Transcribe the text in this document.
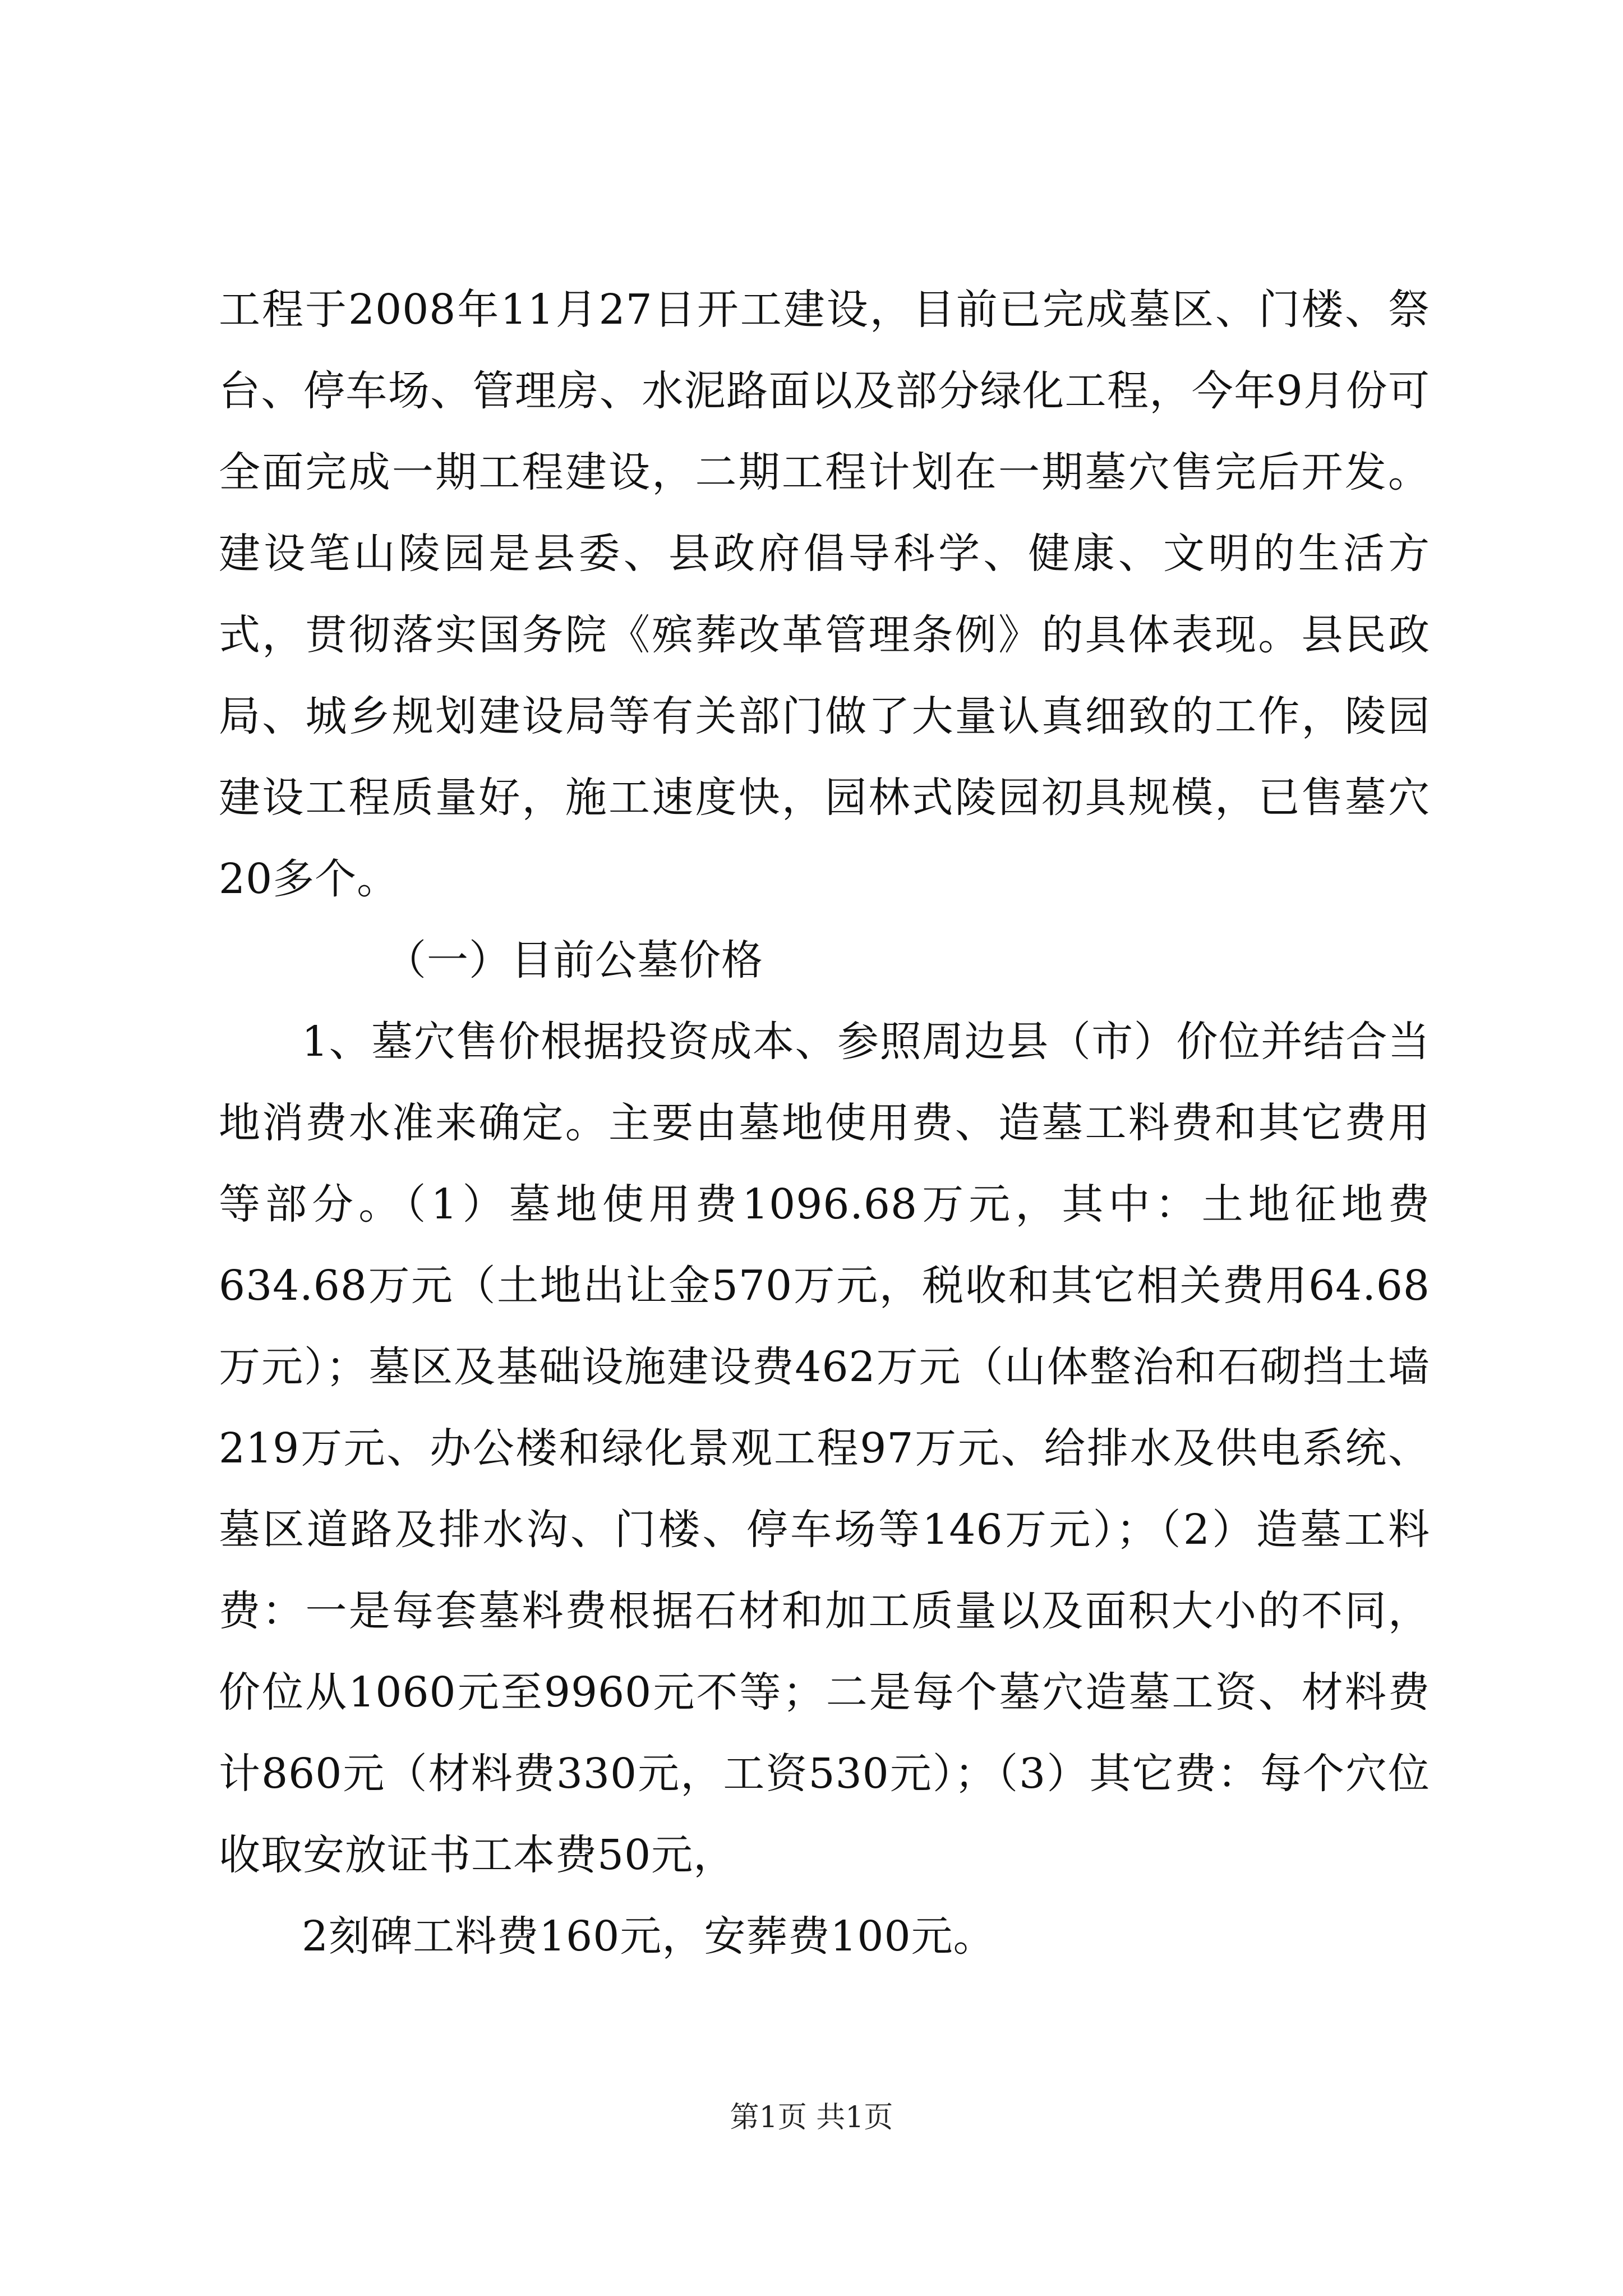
工程于2008年11月27日开工建设，目前已完成墓区、门楼、祭台、停车场、管理房、水泥路面以及部分绿化工程，今年9月份可全面完成一期工程建设，二期工程计划在一期墓穴售完后开发。建设笔山陵园是县委、县政府倡导科学、健康、文明的生活方式，贯彻落实国务院《殡葬改革管理条例》的具体表现。县民政局、城乡规划建设局等有关部门做了大量认真细致的工作，陵园建设工程质量好，施工速度快，园林式陵园初具规模，已售墓穴20多个。

（一）目前公墓价格

1、墓穴售价根据投资成本、参照周边县（市）价位并结合当地消费水准来确定。主要由墓地使用费、造墓工料费和其它费用等部分。（1）墓地使用费1096.68万元，其中：土地征地费634.68万元（土地出让金570万元，税收和其它相关费用64.68万元）；墓区及基础设施建设费462万元（山体整治和石砌挡土墙219万元、办公楼和绿化景观工程97万元、给排水及供电系统、墓区道路及排水沟、门楼、停车场等146万元）；（2）造墓工料费：一是每套墓料费根据石材和加工质量以及面积大小的不同，价位从1060元至9960元不等；二是每个墓穴造墓工资、材料费计860元（材料费330元，工资530元）；（3）其它费：每个穴位收取安放证书工本费50元，

2刻碑工料费160元，安葬费100元。

第1页 共1页
